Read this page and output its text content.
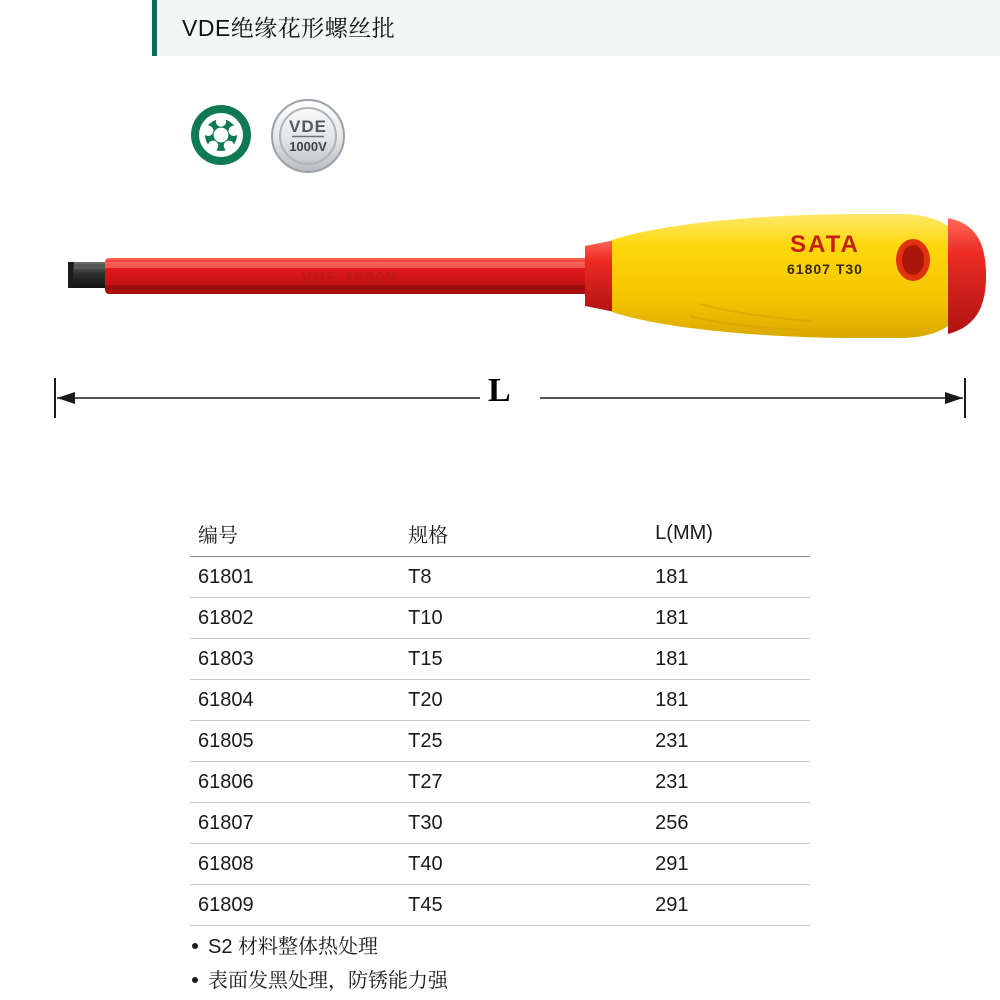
VDE绝缘花形螺丝批
VDE
1000V
VDE 1000V
SATA
61807 T30
L
编号	规格	L(MM)
61801	T8	181
61802	T10	181
61803	T15	181
61804	T20	181
61805	T25	231
61806	T27	231
61807	T30	256
61808	T40	291
61809	T45	291
S2 材料整体热处理
表面发黑处理，防锈能力强
